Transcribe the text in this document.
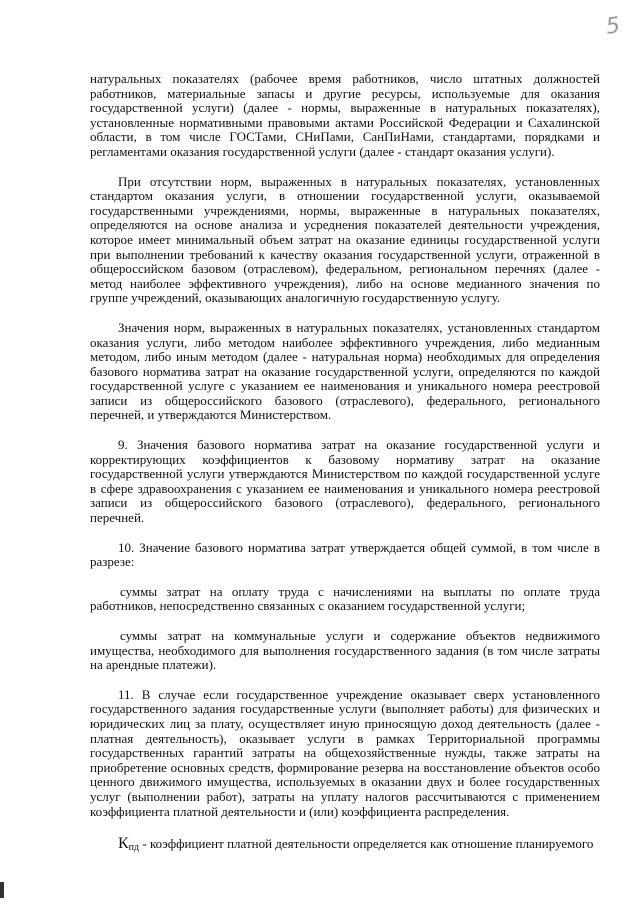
5

натуральных показателях (рабочее время работников, число штатных должностей работников, материальные запасы и другие ресурсы, используемые для оказания государственной услуги) (далее - нормы, выраженные в натуральных показателях), установленные нормативными правовыми актами Российской Федерации и Сахалинской области, в том числе ГОСТами, СНиПами, СанПиНами, стандартами, порядками и регламентами оказания государственной услуги (далее - стандарт оказания услуги).

При отсутствии норм, выраженных в натуральных показателях, установленных стандартом оказания услуги, в отношении государственной услуги, оказываемой государственными учреждениями, нормы, выраженные в натуральных показателях, определяются на основе анализа и усреднения показателей деятельности учреждения, которое имеет минимальный объем затрат на оказание единицы государственной услуги при выполнении требований к качеству оказания государственной услуги, отраженной в общероссийском базовом (отраслевом), федеральном, региональном перечнях (далее - метод наиболее эффективного учреждения), либо на основе медианного значения по группе учреждений, оказывающих аналогичную государственную услугу.

Значения норм, выраженных в натуральных показателях, установленных стандартом оказания услуги, либо методом наиболее эффективного учреждения, либо медианным методом, либо иным методом (далее - натуральная норма) необходимых для определения базового норматива затрат на оказание государственной услуги, определяются по каждой государственной услуге с указанием ее наименования и уникального номера реестровой записи из общероссийского базового (отраслевого), федерального, регионального перечней, и утверждаются Министерством.

9. Значения базового норматива затрат на оказание государственной услуги и корректирующих коэффициентов к базовому нормативу затрат на оказание государственной услуги утверждаются Министерством по каждой государственной услуге в сфере здравоохранения с указанием ее наименования и уникального номера реестровой записи из общероссийского базового (отраслевого), федерального, регионального перечней.

10. Значение базового норматива затрат утверждается общей суммой, в том числе в разрезе:

суммы затрат на оплату труда с начислениями на выплаты по оплате труда работников, непосредственно связанных с оказанием государственной услуги;

суммы затрат на коммунальные услуги и содержание объектов недвижимого имущества, необходимого для выполнения государственного задания (в том числе затраты на арендные платежи).

11. В случае если государственное учреждение оказывает сверх установленного государственного задания государственные услуги (выполняет работы) для физических и юридических лиц за плату, осуществляет иную приносящую доход деятельность (далее - платная деятельность), оказывает услуги в рамках Территориальной программы государственных гарантий затраты на общехозяйственные нужды, также затраты на приобретение основных средств, формирование резерва на восстановление объектов особо ценного движимого имущества, используемых в оказании двух и более государственных услуг (выполнении работ), затраты на уплату налогов рассчитываются с применением коэффициента платной деятельности и (или) коэффициента распределения.

Кпд - коэффициент платной деятельности определяется как отношение планируемого
